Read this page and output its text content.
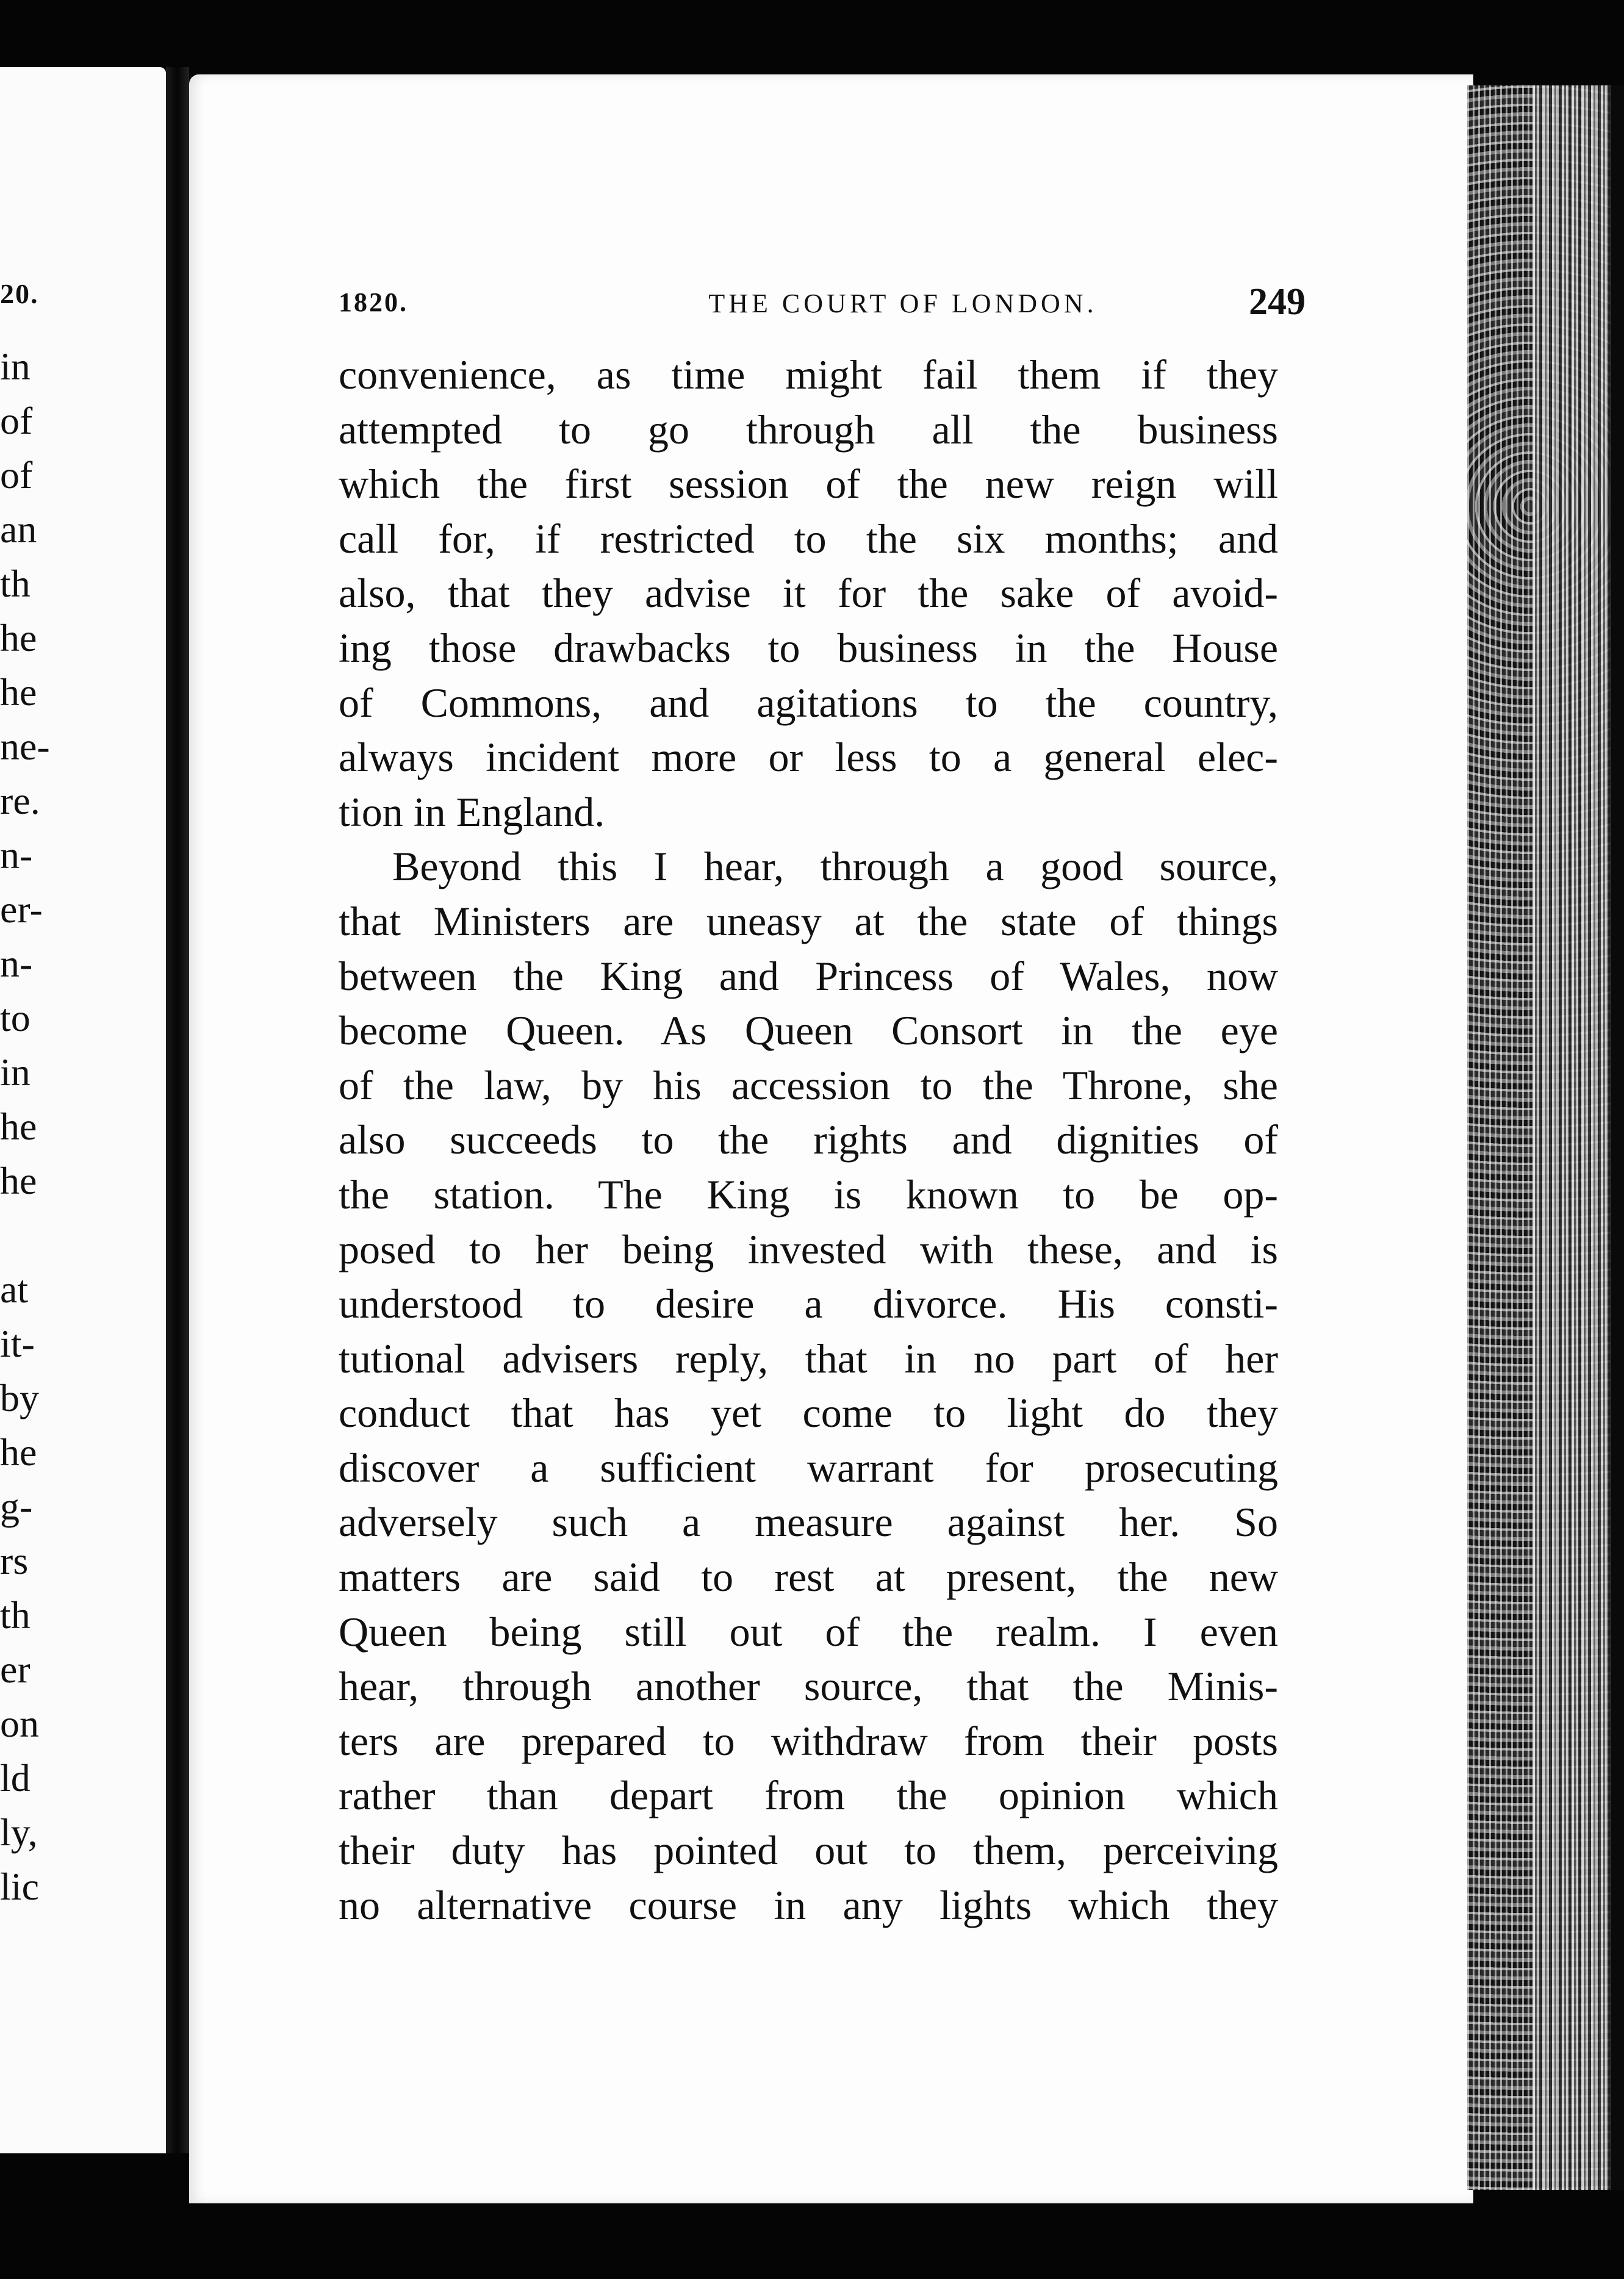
20.
in
of
of
an
th
he
he
ne-
re.
n-
er-
n-
to
in
he
he
at
it-
by
he
g-
rs
th
er
on
ld
ly,
lic
1820.	THE COURT OF LONDON.	249
convenience, as time might fail them if they
attempted to go through all the business
which the first session of the new reign will
call for, if restricted to the six months; and
also, that they advise it for the sake of avoid-
ing those drawbacks to business in the House
of Commons, and agitations to the country,
always incident more or less to a general elec-
tion in England.
Beyond this I hear, through a good source,
that Ministers are uneasy at the state of things
between the King and Princess of Wales, now
become Queen. As Queen Consort in the eye
of the law, by his accession to the Throne, she
also succeeds to the rights and dignities of
the station. The King is known to be op-
posed to her being invested with these, and is
understood to desire a divorce. His consti-
tutional advisers reply, that in no part of her
conduct that has yet come to light do they
discover a sufficient warrant for prosecuting
adversely such a measure against her. So
matters are said to rest at present, the new
Queen being still out of the realm. I even
hear, through another source, that the Minis-
ters are prepared to withdraw from their posts
rather than depart from the opinion which
their duty has pointed out to them, perceiving
no alternative course in any lights which they
